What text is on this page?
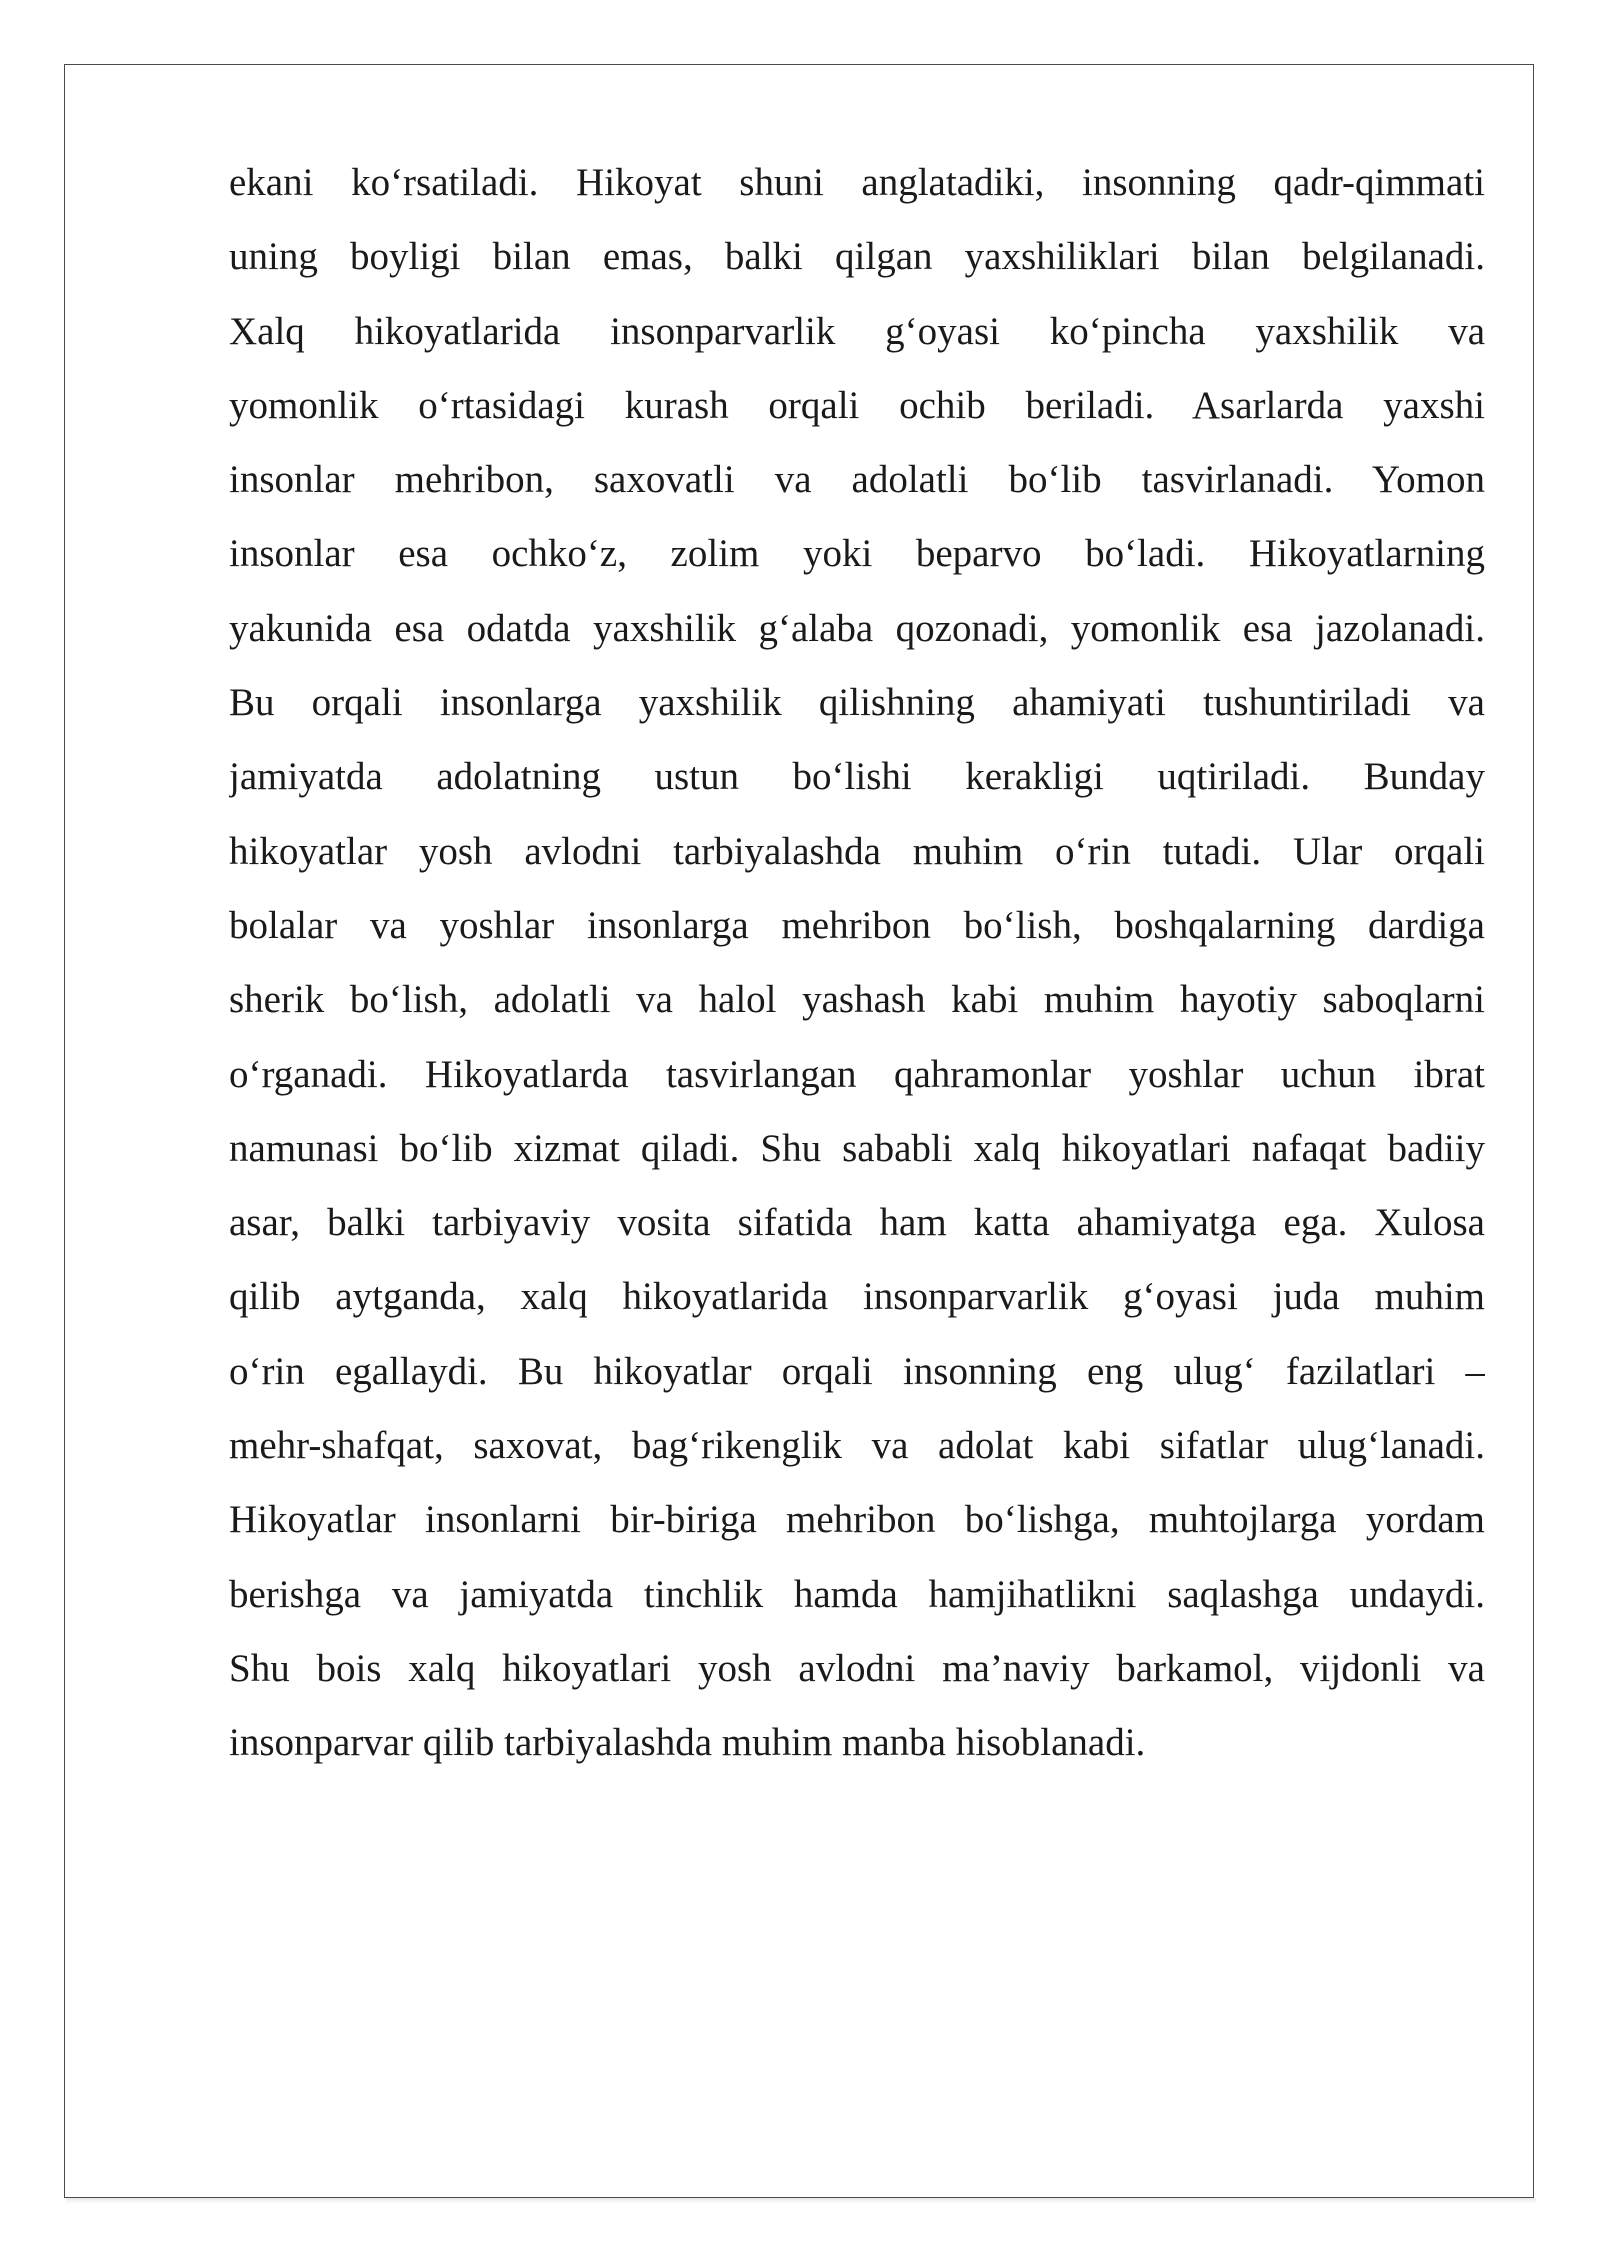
ekani ko‘rsatiladi. Hikoyat shuni anglatadiki, insonning qadr-qimmati
uning boyligi bilan emas, balki qilgan yaxshiliklari bilan belgilanadi.
Xalq hikoyatlarida insonparvarlik g‘oyasi ko‘pincha yaxshilik va
yomonlik o‘rtasidagi kurash orqali ochib beriladi. Asarlarda yaxshi
insonlar mehribon, saxovatli va adolatli bo‘lib tasvirlanadi. Yomon
insonlar esa ochko‘z, zolim yoki beparvo bo‘ladi. Hikoyatlarning
yakunida esa odatda yaxshilik g‘alaba qozonadi, yomonlik esa jazolanadi.
Bu orqali insonlarga yaxshilik qilishning ahamiyati tushuntiriladi va
jamiyatda adolatning ustun bo‘lishi kerakligi uqtiriladi. Bunday
hikoyatlar yosh avlodni tarbiyalashda muhim o‘rin tutadi. Ular orqali
bolalar va yoshlar insonlarga mehribon bo‘lish, boshqalarning dardiga
sherik bo‘lish, adolatli va halol yashash kabi muhim hayotiy saboqlarni
o‘rganadi. Hikoyatlarda tasvirlangan qahramonlar yoshlar uchun ibrat
namunasi bo‘lib xizmat qiladi. Shu sababli xalq hikoyatlari nafaqat badiiy
asar, balki tarbiyaviy vosita sifatida ham katta ahamiyatga ega. Xulosa
qilib aytganda, xalq hikoyatlarida insonparvarlik g‘oyasi juda muhim
o‘rin egallaydi. Bu hikoyatlar orqali insonning eng ulug‘ fazilatlari –
mehr-shafqat, saxovat, bag‘rikenglik va adolat kabi sifatlar ulug‘lanadi.
Hikoyatlar insonlarni bir-biriga mehribon bo‘lishga, muhtojlarga yordam
berishga va jamiyatda tinchlik hamda hamjihatlikni saqlashga undaydi.
Shu bois xalq hikoyatlari yosh avlodni ma’naviy barkamol, vijdonli va
insonparvar qilib tarbiyalashda muhim manba hisoblanadi.
